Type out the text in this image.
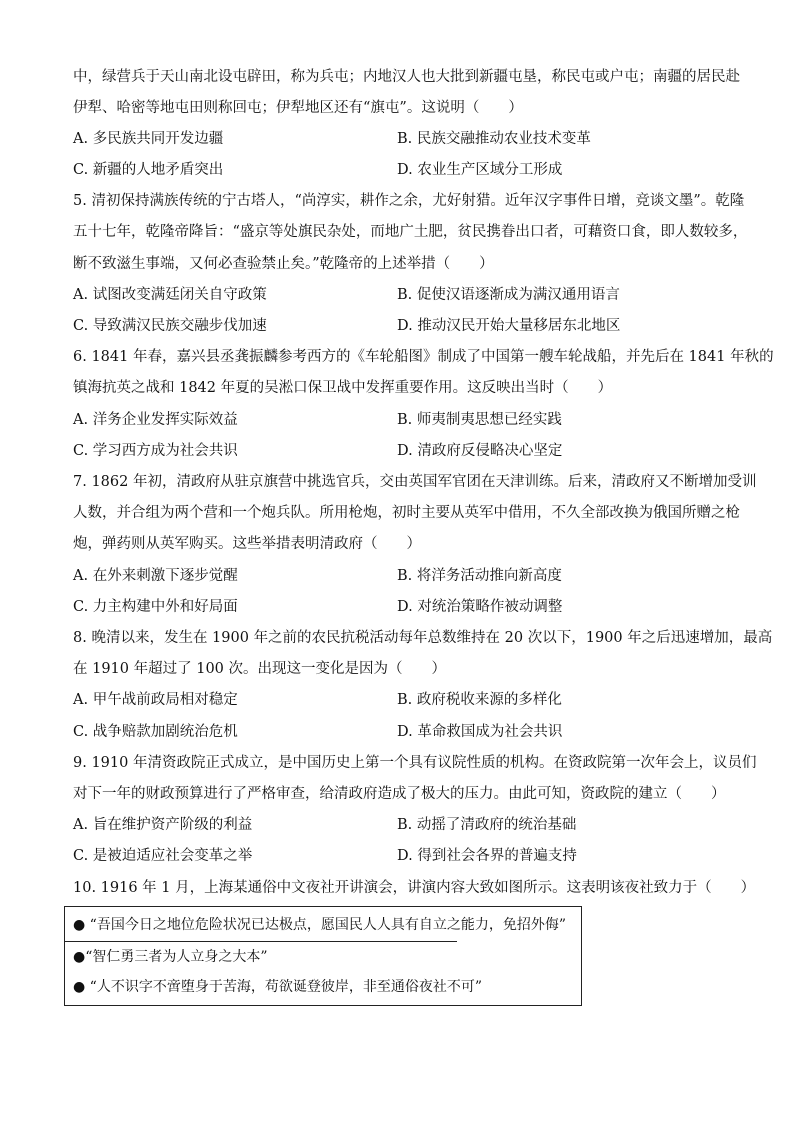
中，绿营兵于天山南北设屯辟田，称为兵屯；内地汉人也大批到新疆屯垦，称民屯或户屯；南疆的居民赴
伊犁、哈密等地屯田则称回屯；伊犁地区还有“旗屯”。这说明（　　）
A. 多民族共同开发边疆	B. 民族交融推动农业技术变革
C. 新疆的人地矛盾突出	D. 农业生产区域分工形成
5. 清初保持满族传统的宁古塔人，“尚淳实，耕作之余，尤好射猎。近年汉字事件日增，竞谈文墨”。乾隆
五十七年，乾隆帝降旨：“盛京等处旗民杂处，而地广土肥，贫民携眷出口者，可藉资口食，即人数较多，
断不致滋生事端，又何必查验禁止矣。”乾隆帝的上述举措（　　）
A. 试图改变满廷闭关自守政策	B. 促使汉语逐渐成为满汉通用语言
C. 导致满汉民族交融步伐加速	D. 推动汉民开始大量移居东北地区
6. 1841 年春，嘉兴县丞龚振麟参考西方的《车轮船图》制成了中国第一艘车轮战船，并先后在 1841 年秋的
镇海抗英之战和 1842 年夏的吴淞口保卫战中发挥重要作用。这反映出当时（　　）
A. 洋务企业发挥实际效益	B. 师夷制夷思想已经实践
C. 学习西方成为社会共识	D. 清政府反侵略决心坚定
7. 1862 年初，清政府从驻京旗营中挑选官兵，交由英国军官团在天津训练。后来，清政府又不断增加受训
人数，并合组为两个营和一个炮兵队。所用枪炮，初时主要从英军中借用，不久全部改换为俄国所赠之枪
炮，弹药则从英军购买。这些举措表明清政府（　　）
A. 在外来刺激下逐步觉醒	B. 将洋务活动推向新高度
C. 力主构建中外和好局面	D. 对统治策略作被动调整
8. 晚清以来，发生在 1900 年之前的农民抗税活动每年总数维持在 20 次以下，1900 年之后迅速增加，最高
在 1910 年超过了 100 次。出现这一变化是因为（　　）
A. 甲午战前政局相对稳定	B. 政府税收来源的多样化
C. 战争赔款加剧统治危机	D. 革命救国成为社会共识
9. 1910 年清资政院正式成立，是中国历史上第一个具有议院性质的机构。在资政院第一次年会上，议员们
对下一年的财政预算进行了严格审查，给清政府造成了极大的压力。由此可知，资政院的建立（　　）
A. 旨在维护资产阶级的利益	B. 动摇了清政府的统治基础
C. 是被迫适应社会变革之举	D. 得到社会各界的普遍支持
10. 1916 年 1 月，上海某通俗中文夜社开讲演会，讲演内容大致如图所示。这表明该夜社致力于（　　）
● “吾国今日之地位危险状况已达极点，愿国民人人具有自立之能力，免招外侮”
●“智仁勇三者为人立身之大本”
● “人不识字不啻堕身于苦海，苟欲诞登彼岸，非至通俗夜社不可”
